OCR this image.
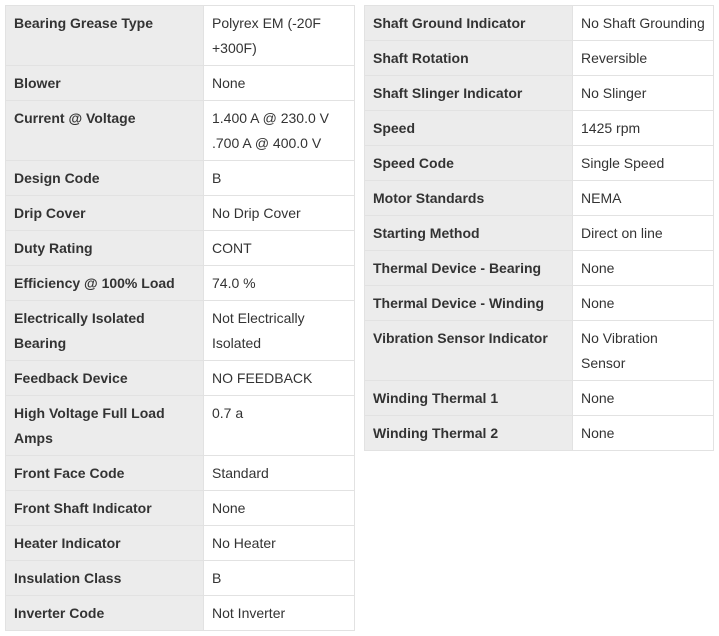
Bearing Grease Type	Polyrex EM (-20F +300F)
Blower	None
Current @ Voltage	1.400 A @ 230.0 V .700 A @ 400.0 V
Design Code	B
Drip Cover	No Drip Cover
Duty Rating	CONT
Efficiency @ 100% Load	74.0 %
Electrically Isolated Bearing	Not Electrically Isolated
Feedback Device	NO FEEDBACK
High Voltage Full Load Amps	0.7 a
Front Face Code	Standard
Front Shaft Indicator	None
Heater Indicator	No Heater
Insulation Class	B
Inverter Code	Not Inverter
Shaft Ground Indicator	No Shaft Grounding
Shaft Rotation	Reversible
Shaft Slinger Indicator	No Slinger
Speed	1425 rpm
Speed Code	Single Speed
Motor Standards	NEMA
Starting Method	Direct on line
Thermal Device - Bearing	None
Thermal Device - Winding	None
Vibration Sensor Indicator	No Vibration Sensor
Winding Thermal 1	None
Winding Thermal 2	None
